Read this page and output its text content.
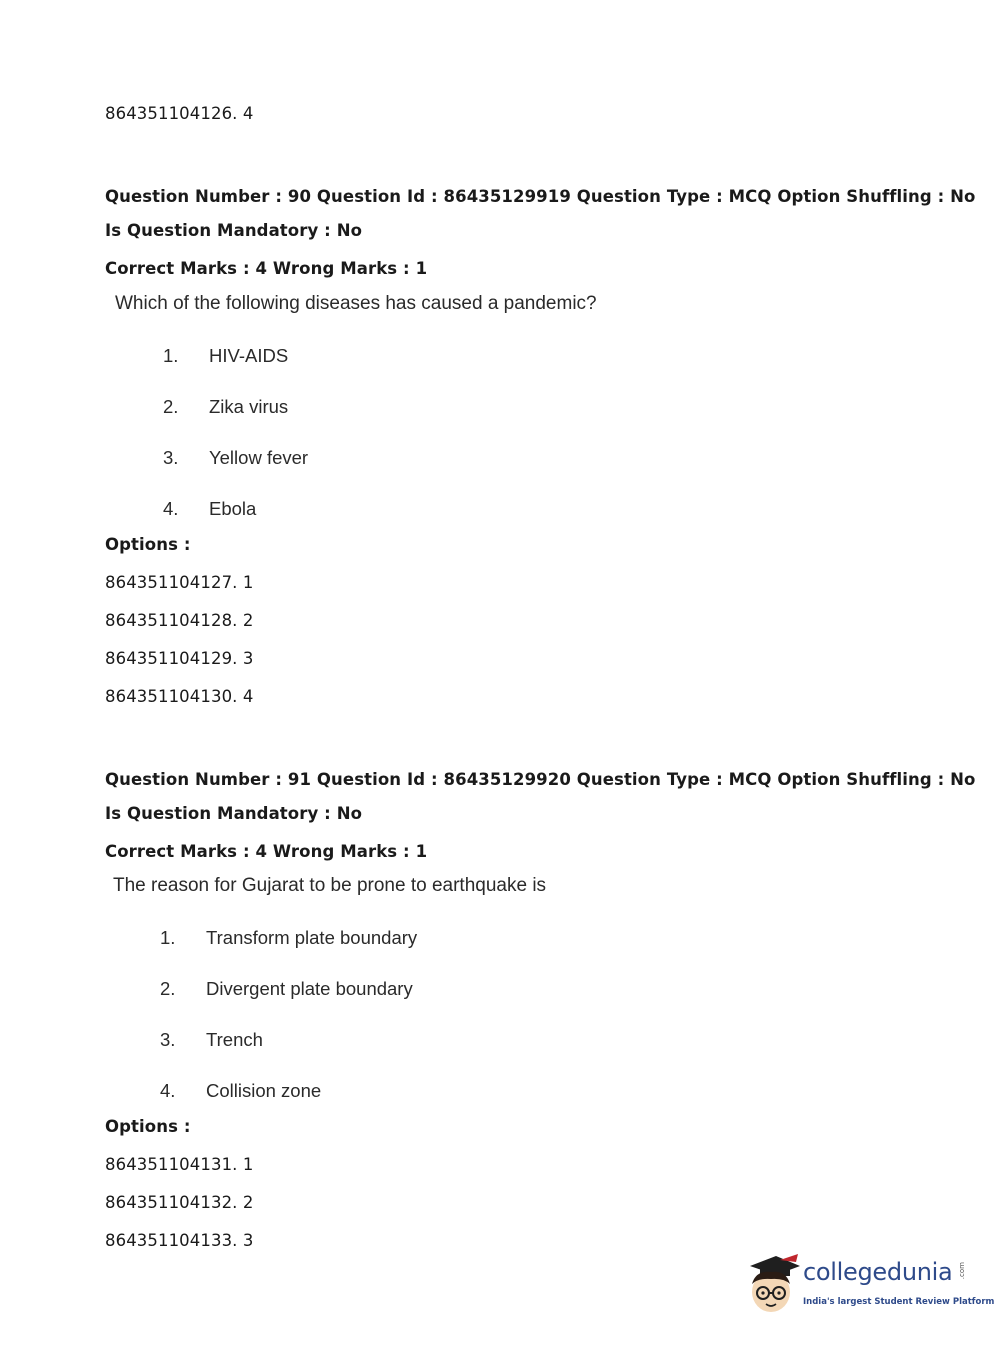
864351104126. 4
Question Number : 90 Question Id : 86435129919 Question Type : MCQ Option Shuffling : No
Is Question Mandatory : No
Correct Marks : 4 Wrong Marks : 1
Which of the following diseases has caused a pandemic?
1. HIV-AIDS
2. Zika virus
3. Yellow fever
4. Ebola
Options :
864351104127. 1
864351104128. 2
864351104129. 3
864351104130. 4
Question Number : 91 Question Id : 86435129920 Question Type : MCQ Option Shuffling : No
Is Question Mandatory : No
Correct Marks : 4 Wrong Marks : 1
The reason for Gujarat to be prone to earthquake is
1. Transform plate boundary
2. Divergent plate boundary
3. Trench
4. Collision zone
Options :
864351104131. 1
864351104132. 2
864351104133. 3
collegedunia .com
India's largest Student Review Platform
